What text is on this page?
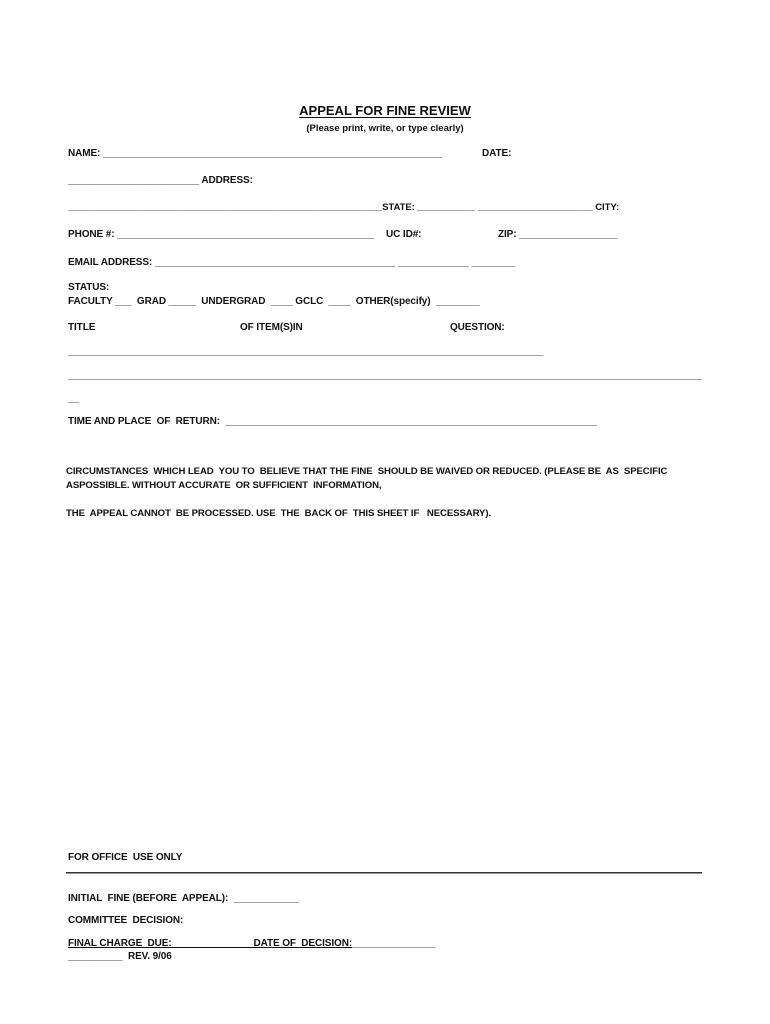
APPEAL FOR FINE REVIEW
(Please print, write, or type clearly)
NAME: ______________________________________________________________	DATE:
________________________ ADDRESS:
____________________________________________________________STATE: ___________ ______________________ CITY:
PHONE #: _______________________________________________ UC ID#:	ZIP: __________________
EMAIL ADDRESS: ____________________________________________ _____________ ________
STATUS:
FACULTY ___  GRAD _____  UNDERGRAD  ____ GCLC  ____  OTHER(specify)  ________
TITLE	OF ITEM(S)IN	QUESTION:
_______________________________________________________________________________________
____________________________________________________________________________________________________________________
__
TIME AND PLACE  OF  RETURN:  ____________________________________________________________________
CIRCUMSTANCES  WHICH LEAD  YOU TO  BELIEVE THAT THE FINE  SHOULD BE WAIVED OR REDUCED. (PLEASE BE  AS  SPECIFIC
ASPOSSIBLE. WITHOUT ACCURATE  OR SUFFICIENT  INFORMATION,
THE  APPEAL CANNOT  BE PROCESSED. USE  THE  BACK OF  THIS SHEET IF   NECESSARY).
FOR OFFICE  USE ONLY
INITIAL  FINE (BEFORE  APPEAL):  ____________
COMMITTEE  DECISION:
FINAL CHARGE  DUE:_______________DATE OF  DECISION:
_________________
__________  REV. 9/06
